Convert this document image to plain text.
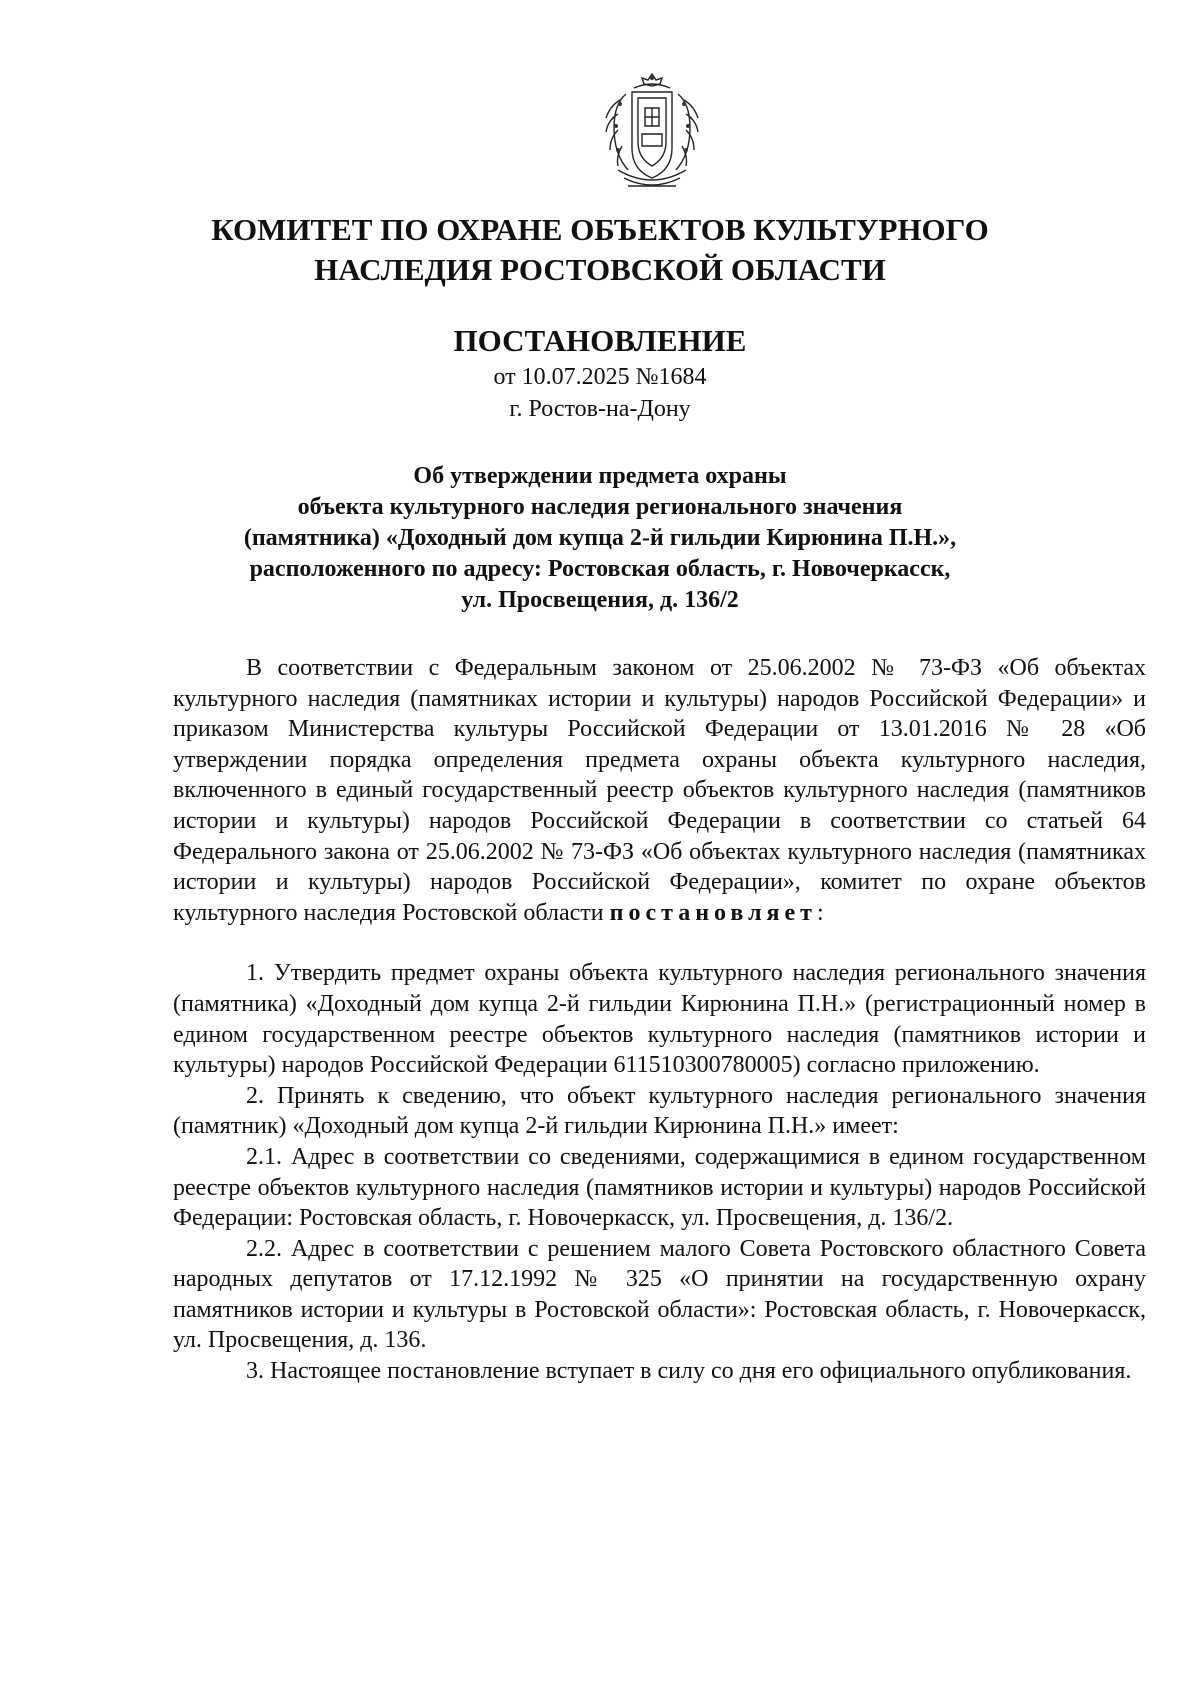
КОМИТЕТ ПО ОХРАНЕ ОБЪЕКТОВ КУЛЬТУРНОГО
НАСЛЕДИЯ РОСТОВСКОЙ ОБЛАСТИ
ПОСТАНОВЛЕНИЕ
от 10.07.2025 №1684
г. Ростов-на-Дону
Об утверждении предмета охраны
объекта культурного наследия регионального значения
(памятника) «Доходный дом купца 2-й гильдии Кирюнина П.Н.»,
расположенного по адресу: Ростовская область, г. Новочеркасск,
ул. Просвещения, д. 136/2

В соответствии с Федеральным законом от 25.06.2002 № 73-ФЗ «Об объектах культурного наследия (памятниках истории и культуры) народов Российской Федерации» и приказом Министерства культуры Российской Федерации от 13.01.2016 № 28 «Об утверждении порядка определения предмета охраны объекта культурного наследия, включенного в единый государственный реестр объектов культурного наследия (памятников истории и культуры) народов Российской Федерации в соответствии со статьей 64 Федерального закона от 25.06.2002 № 73-ФЗ «Об объектах культурного наследия (памятниках истории и культуры) народов Российской Федерации», комитет по охране объектов культурного наследия Ростовской области постановляет:

1. Утвердить предмет охраны объекта культурного наследия регионального значения (памятника) «Доходный дом купца 2-й гильдии Кирюнина П.Н.» (регистрационный номер в едином государственном реестре объектов культурного наследия (памятников истории и культуры) народов Российской Федерации 611510300780005) согласно приложению.

2. Принять к сведению, что объект культурного наследия регионального значения (памятник) «Доходный дом купца 2-й гильдии Кирюнина П.Н.» имеет:

2.1. Адрес в соответствии со сведениями, содержащимися в едином государственном реестре объектов культурного наследия (памятников истории и культуры) народов Российской Федерации: Ростовская область, г. Новочеркасск, ул. Просвещения, д. 136/2.

2.2. Адрес в соответствии с решением малого Совета Ростовского областного Совета народных депутатов от 17.12.1992 № 325 «О принятии на государственную охрану памятников истории и культуры в Ростовской области»: Ростовская область, г. Новочеркасск, ул. Просвещения, д. 136.

3. Настоящее постановление вступает в силу со дня его официального опубликования.
